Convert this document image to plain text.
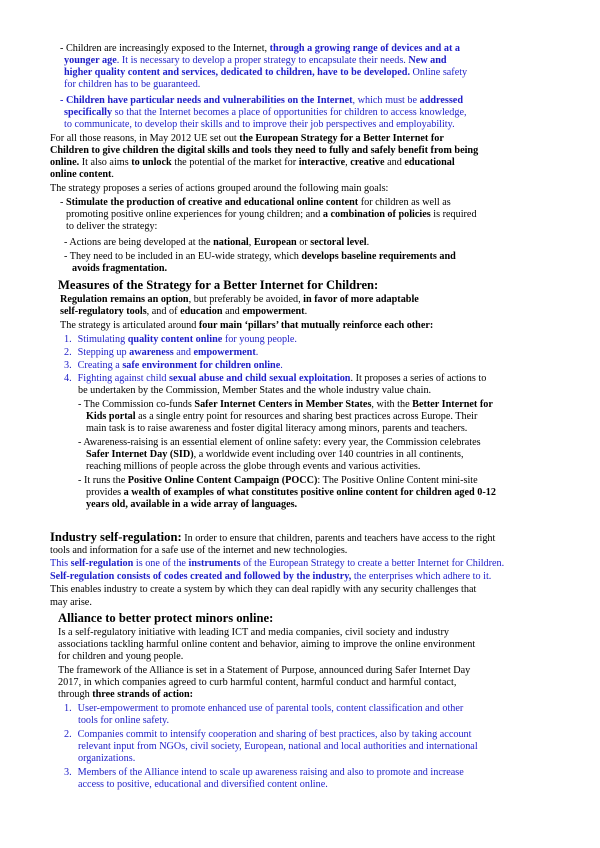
- Children are increasingly exposed to the Internet, through a growing range of devices and at a
younger age. It is necessary to develop a proper strategy to encapsulate their needs. New and
higher quality content and services, dedicated to children, have to be developed. Online safety
for children has to be guaranteed.
- Children have particular needs and vulnerabilities on the Internet, which must be addressed
specifically so that the Internet becomes a place of opportunities for children to access knowledge,
to communicate, to develop their skills and to improve their job perspectives and employability.
For all those reasons, in May 2012 UE set out the European Strategy for a Better Internet for
Children to give children the digital skills and tools they need to fully and safely benefit from being
online. It also aims to unlock the potential of the market for interactive, creative and educational
online content.
The strategy proposes a series of actions grouped around the following main goals:
- Stimulate the production of creative and educational online content for children as well as
promoting positive online experiences for young children; and a combination of policies is required
to deliver the strategy:
- Actions are being developed at the national, European or sectoral level.
- They need to be included in an EU-wide strategy, which develops baseline requirements and
avoids fragmentation.
Measures of the Strategy for a Better Internet for Children:
Regulation remains an option, but preferably be avoided, in favor of more adaptable
self-regulatory tools, and of education and empowerment.
The strategy is articulated around four main ‘pillars’ that mutually reinforce each other:
1. Stimulating quality content online for young people.
2. Stepping up awareness and empowerment.
3. Creating a safe environment for children online.
4. Fighting against child sexual abuse and child sexual exploitation. It proposes a series of actions to
be undertaken by the Commission, Member States and the whole industry value chain.
- The Commission co-funds Safer Internet Centers in Member States, with the Better Internet for
Kids portal as a single entry point for resources and sharing best practices across Europe. Their
main task is to raise awareness and foster digital literacy among minors, parents and teachers.
- Awareness-raising is an essential element of online safety: every year, the Commission celebrates
Safer Internet Day (SID), a worldwide event including over 140 countries in all continents,
reaching millions of people across the globe through events and various activities.
- It runs the Positive Online Content Campaign (POCC): The Positive Online Content mini-site
provides a wealth of examples of what constitutes positive online content for children aged 0-12
years old, available in a wide array of languages.
Industry self-regulation: In order to ensure that children, parents and teachers have access to the right
tools and information for a safe use of the internet and new technologies.
This self-regulation is one of the instruments of the European Strategy to create a better Internet for Children.
Self-regulation consists of codes created and followed by the industry, the enterprises which adhere to it.
This enables industry to create a system by which they can deal rapidly with any security challenges that
may arise.
Alliance to better protect minors online:
Is a self-regulatory initiative with leading ICT and media companies, civil society and industry
associations tackling harmful online content and behavior, aiming to improve the online environment
for children and young people.
The framework of the Alliance is set in a Statement of Purpose, announced during Safer Internet Day
2017, in which companies agreed to curb harmful content, harmful conduct and harmful contact,
through three strands of action:
1. User-empowerment to promote enhanced use of parental tools, content classification and other
tools for online safety.
2. Companies commit to intensify cooperation and sharing of best practices, also by taking account
relevant input from NGOs, civil society, European, national and local authorities and international
organizations.
3. Members of the Alliance intend to scale up awareness raising and also to promote and increase
access to positive, educational and diversified content online.
